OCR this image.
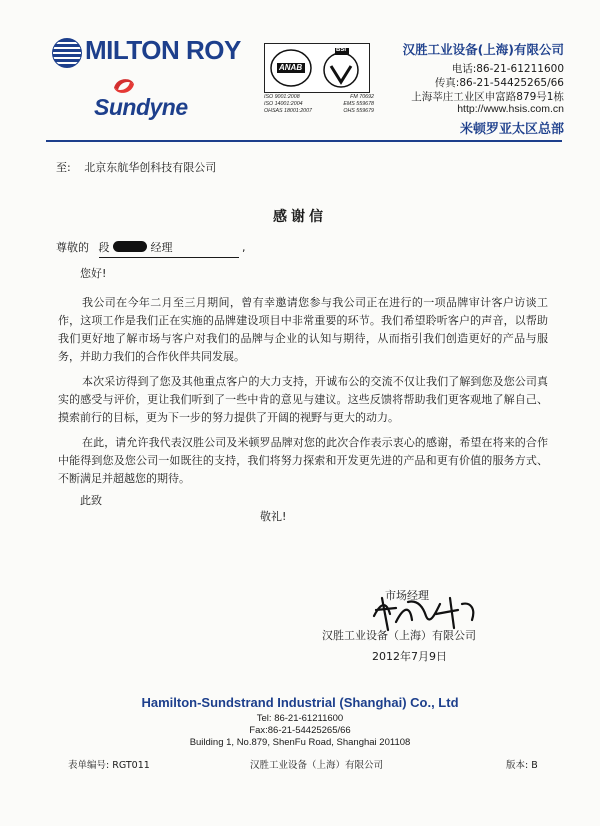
MILTON ROY
Sundyne
ANAB
BSI
ISO 9001:2008	FM 70692
ISO 14001:2004	EMS 559678
OHSAS 18001:2007	OHS 559679
汉胜工业设备(上海)有限公司
电话:86-21-61211600
传真:86-21-54425265/66
上海莘庄工业区申富路879号1栋
http://www.hsis.com.cn
米顿罗亚太区总部
至: 北京东航华创科技有限公司
感谢信
尊敬的 段	经理	,
您好!
我公司在今年二月至三月期间，曾有幸邀请您参与我公司正在进行的一项品牌审计客户访谈工作，这项工作是我们正在实施的品牌建设项目中非常重要的环节。我们希望聆听客户的声音，以帮助我们更好地了解市场与客户对我们的品牌与企业的认知与期待，从而指引我们创造更好的产品与服务，并助力我们的合作伙伴共同发展。
本次采访得到了您及其他重点客户的大力支持，开诚布公的交流不仅让我们了解到您及您公司真实的感受与评价，更让我们听到了一些中肯的意见与建议。这些反馈将帮助我们更客观地了解自己、摸索前行的目标，更为下一步的努力提供了开阔的视野与更大的动力。
在此，请允许我代表汉胜公司及米顿罗品牌对您的此次合作表示衷心的感谢，希望在将来的合作中能得到您及您公司一如既往的支持，我们将努力探索和开发更先进的产品和更有价值的服务方式、不断满足并超越您的期待。
此致
敬礼!
市场经理
汉胜工业设备（上海）有限公司
2012年7月9日
Hamilton-Sundstrand Industrial (Shanghai) Co., Ltd
Tel: 86-21-61211600
Fax:86-21-54425265/66
Building 1, No.879, ShenFu Road, Shanghai 201108
表单编号: RGT011	汉胜工业设备（上海）有限公司	版本: B
